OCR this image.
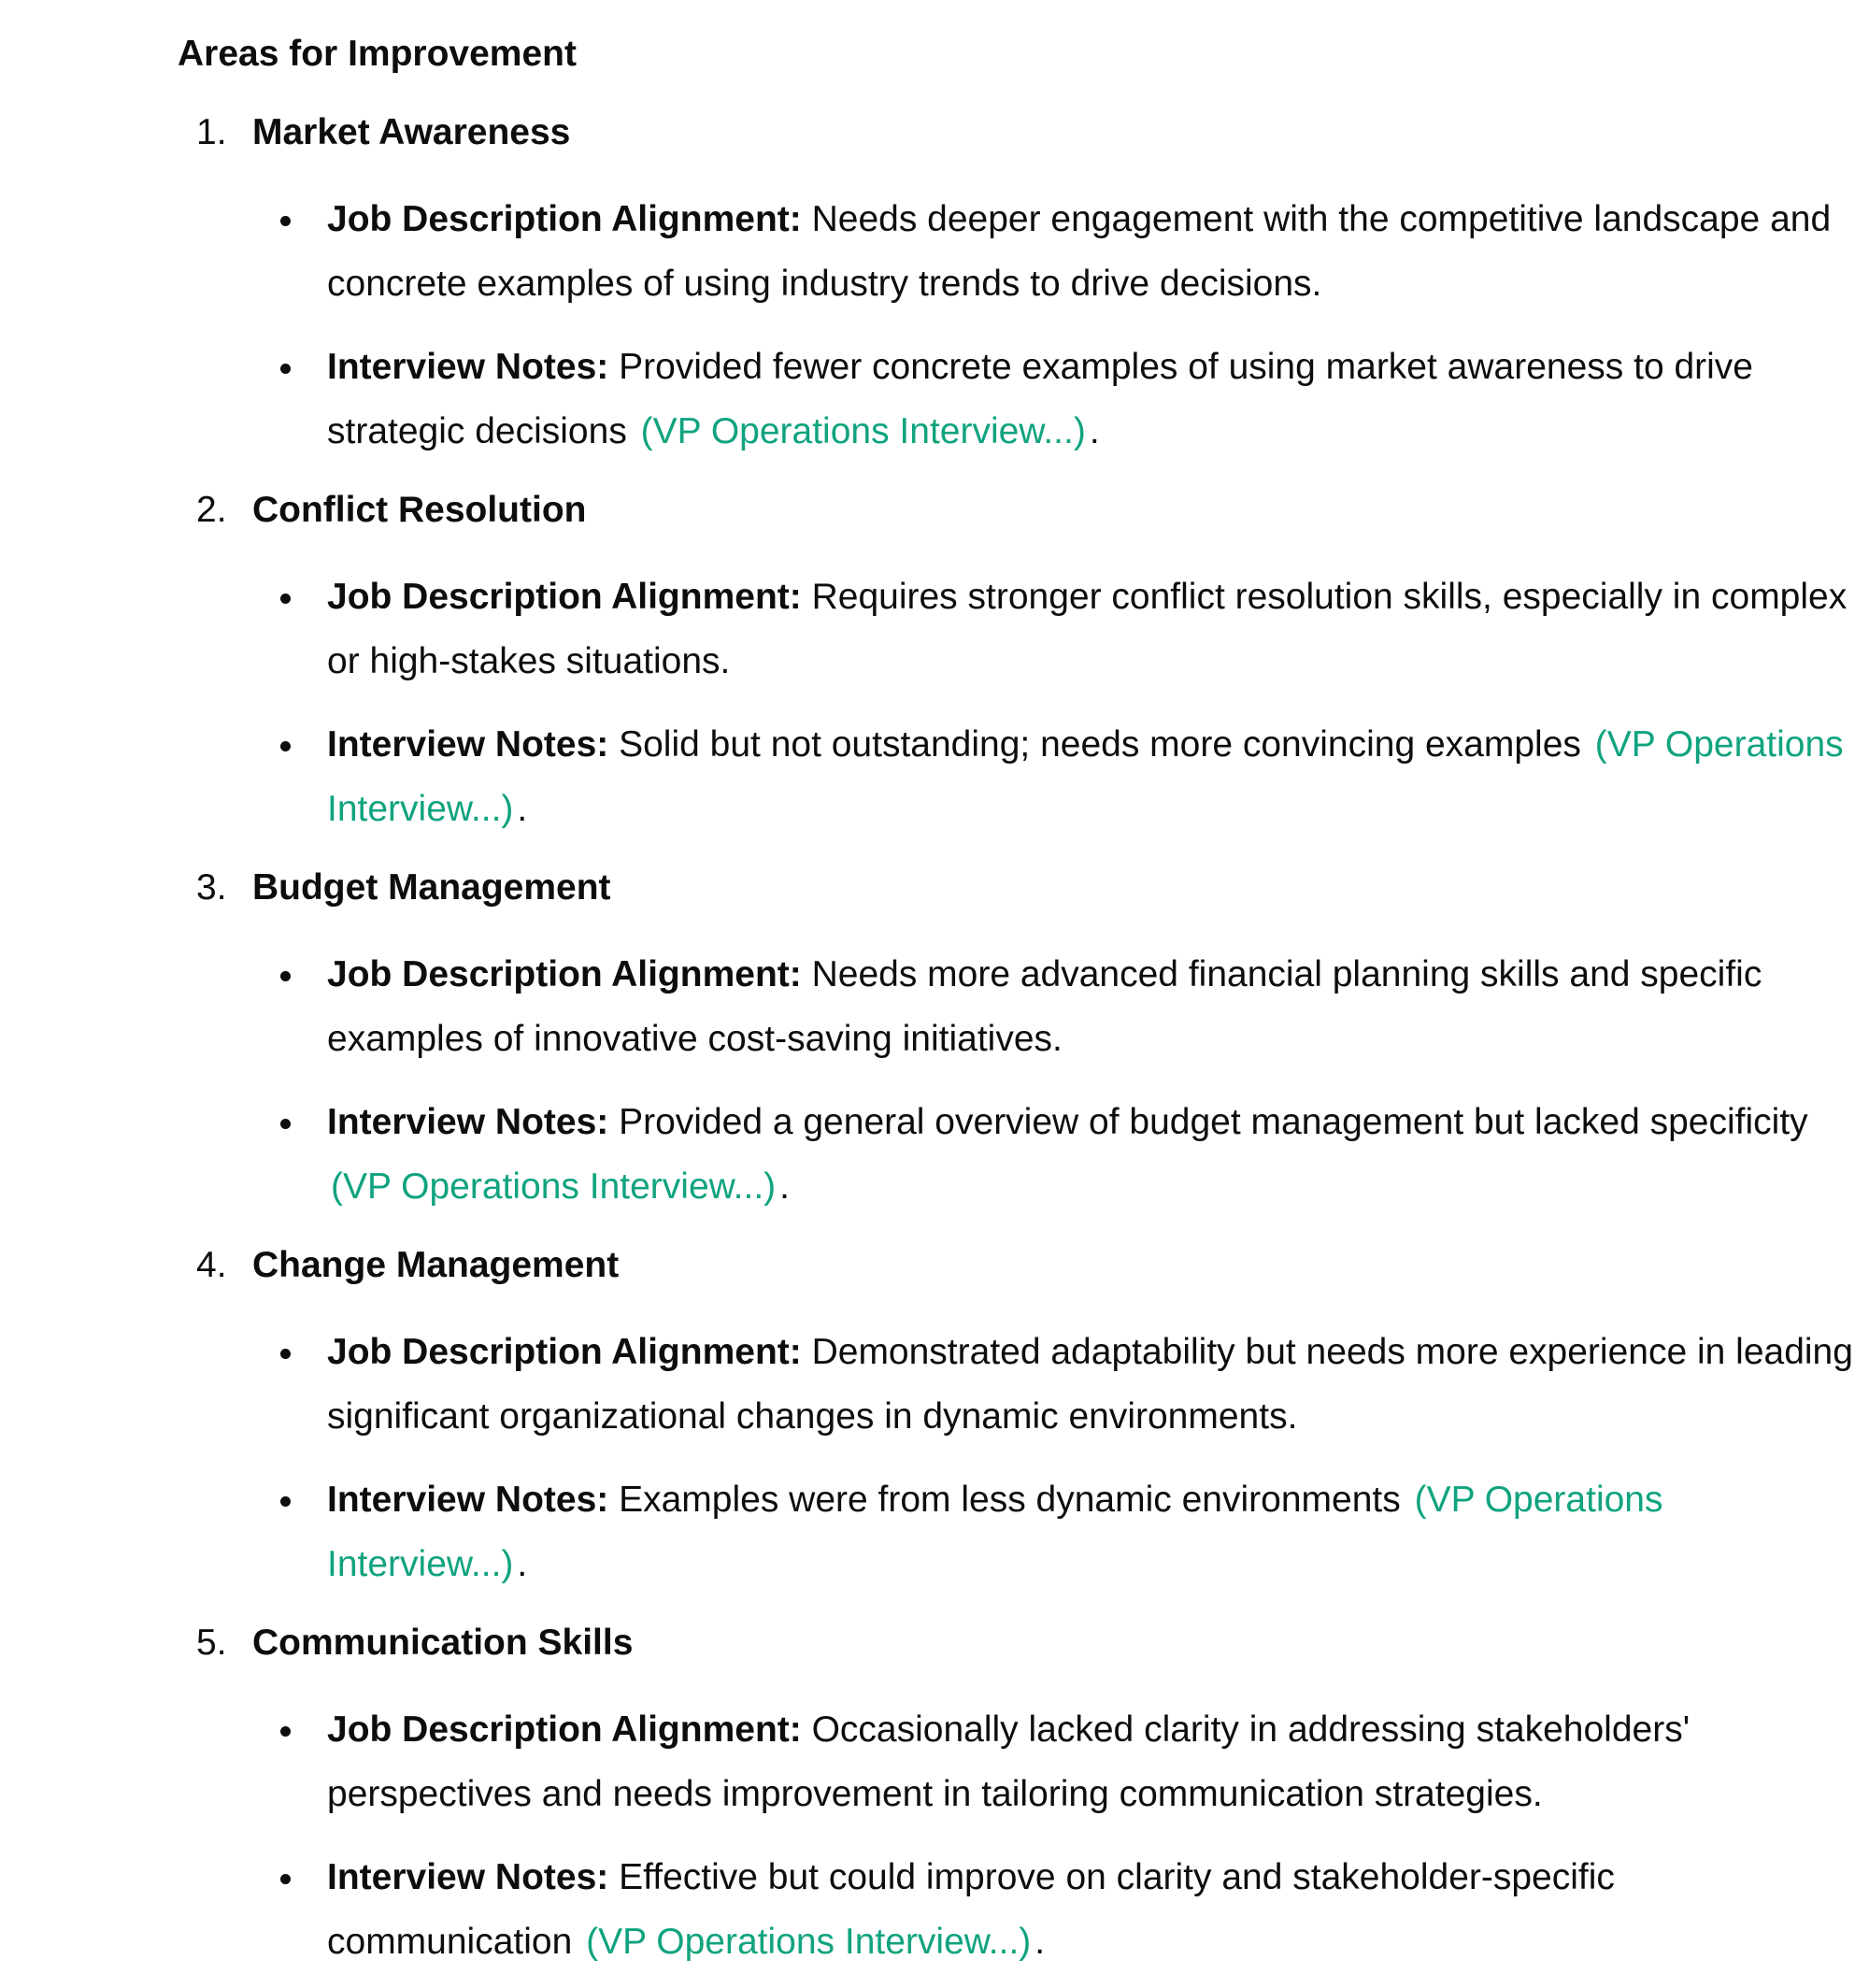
Areas for Improvement
1. Market Awareness
Job Description Alignment: Needs deeper engagement with the competitive landscape and concrete examples of using industry trends to drive decisions.
Interview Notes: Provided fewer concrete examples of using market awareness to drive strategic decisions (VP Operations Interview...) .
2. Conflict Resolution
Job Description Alignment: Requires stronger conflict resolution skills, especially in complex or high-stakes situations.
Interview Notes: Solid but not outstanding; needs more convincing examples (VP Operations Interview...) .
3. Budget Management
Job Description Alignment: Needs more advanced financial planning skills and specific examples of innovative cost-saving initiatives.
Interview Notes: Provided a general overview of budget management but lacked specificity (VP Operations Interview...) .
4. Change Management
Job Description Alignment: Demonstrated adaptability but needs more experience in leading significant organizational changes in dynamic environments.
Interview Notes: Examples were from less dynamic environments (VP Operations Interview...) .
5. Communication Skills
Job Description Alignment: Occasionally lacked clarity in addressing stakeholders' perspectives and needs improvement in tailoring communication strategies.
Interview Notes: Effective but could improve on clarity and stakeholder-specific communication (VP Operations Interview...) .
